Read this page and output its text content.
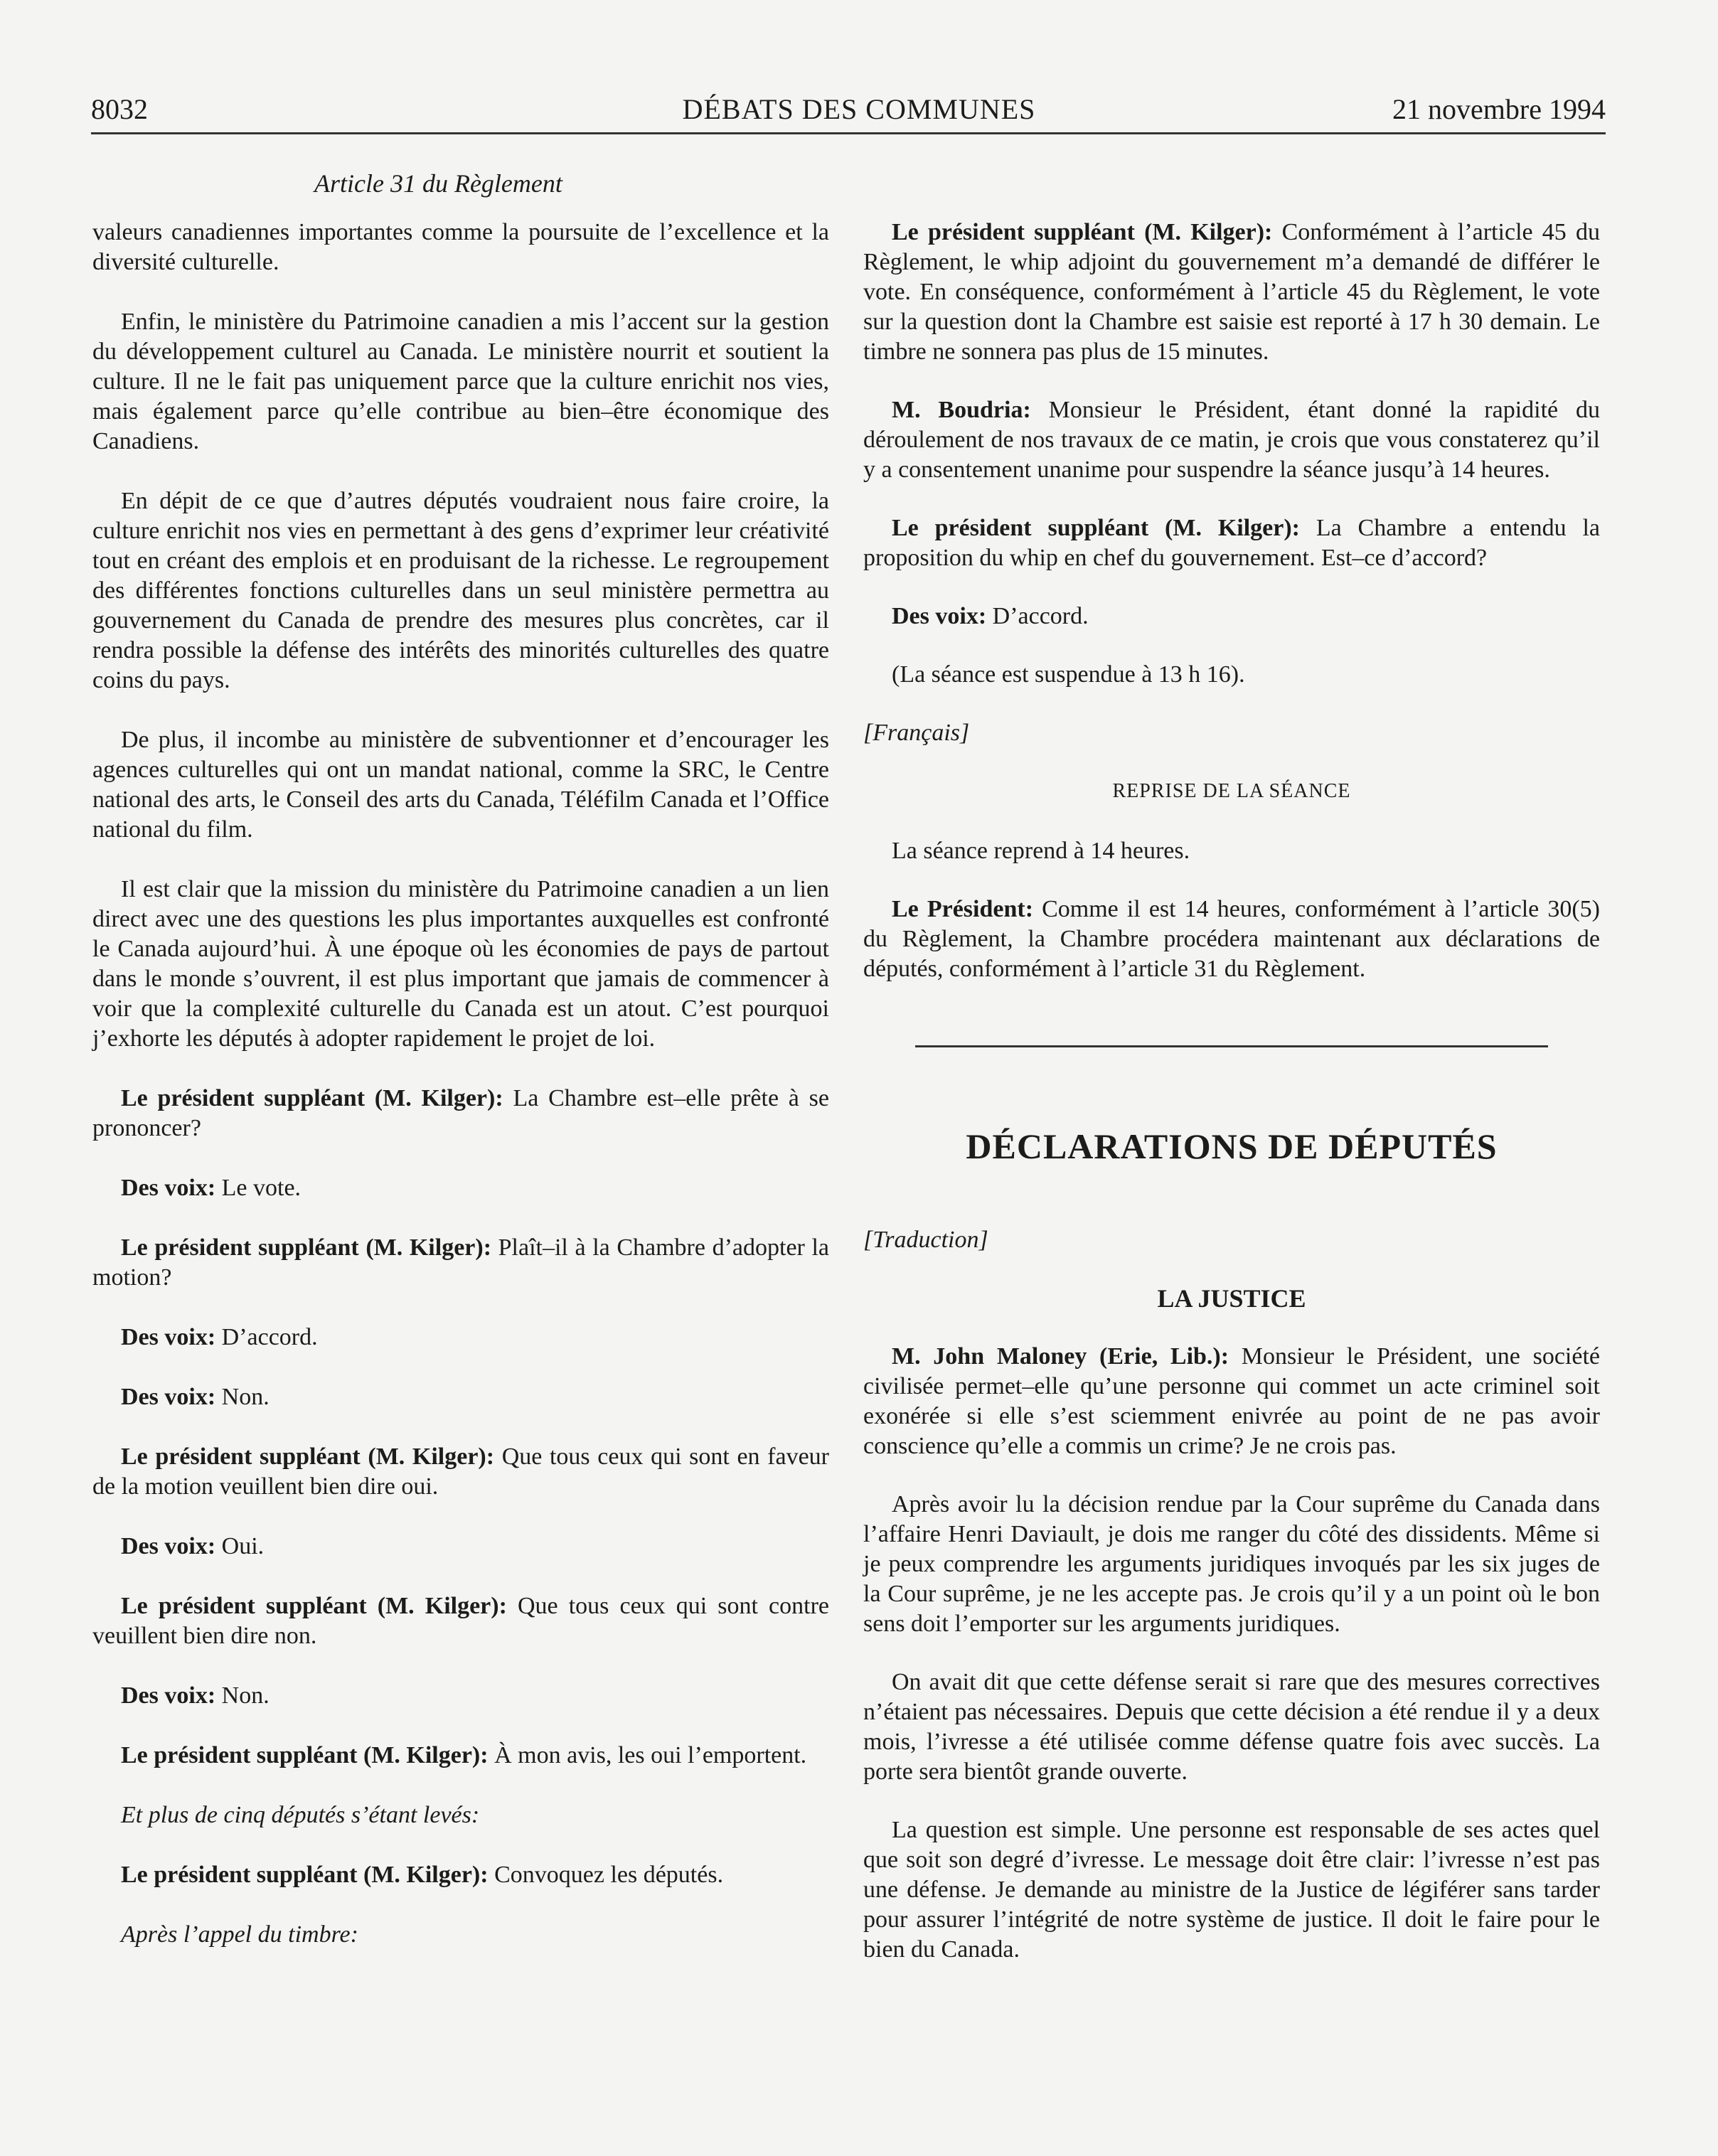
8032	DÉBATS DES COMMUNES	21 novembre 1994
Article 31 du Règlement

valeurs canadiennes importantes comme la poursuite de l’excellence et la diversité culturelle.

Enfin, le ministère du Patrimoine canadien a mis l’accent sur la gestion du développement culturel au Canada. Le ministère nourrit et soutient la culture. Il ne le fait pas uniquement parce que la culture enrichit nos vies, mais également parce qu’elle contribue au bien–être économique des Canadiens.

En dépit de ce que d’autres députés voudraient nous faire croire, la culture enrichit nos vies en permettant à des gens d’exprimer leur créativité tout en créant des emplois et en produisant de la richesse. Le regroupement des différentes fonctions culturelles dans un seul ministère permettra au gouvernement du Canada de prendre des mesures plus concrètes, car il rendra possible la défense des intérêts des minorités culturelles des quatre coins du pays.

De plus, il incombe au ministère de subventionner et d’encourager les agences culturelles qui ont un mandat national, comme la SRC, le Centre national des arts, le Conseil des arts du Canada, Téléfilm Canada et l’Office national du film.

Il est clair que la mission du ministère du Patrimoine canadien a un lien direct avec une des questions les plus importantes auxquelles est confronté le Canada aujourd’hui. À une époque où les économies de pays de partout dans le monde s’ouvrent, il est plus important que jamais de commencer à voir que la complexité culturelle du Canada est un atout. C’est pourquoi j’exhorte les députés à adopter rapidement le projet de loi.

Le président suppléant (M. Kilger): La Chambre est–elle prête à se prononcer?

Des voix: Le vote.

Le président suppléant (M. Kilger): Plaît–il à la Chambre d’adopter la motion?

Des voix: D’accord.

Des voix: Non.

Le président suppléant (M. Kilger): Que tous ceux qui sont en faveur de la motion veuillent bien dire oui.

Des voix: Oui.

Le président suppléant (M. Kilger): Que tous ceux qui sont contre veuillent bien dire non.

Des voix: Non.

Le président suppléant (M. Kilger): À mon avis, les oui l’emportent.

Et plus de cinq députés s’étant levés:

Le président suppléant (M. Kilger): Convoquez les députés.

Après l’appel du timbre:

Le président suppléant (M. Kilger): Conformément à l’article 45 du Règlement, le whip adjoint du gouvernement m’a demandé de différer le vote. En conséquence, conformément à l’article 45 du Règlement, le vote sur la question dont la Chambre est saisie est reporté à 17 h 30 demain. Le timbre ne sonnera pas plus de 15 minutes.

M. Boudria: Monsieur le Président, étant donné la rapidité du déroulement de nos travaux de ce matin, je crois que vous constaterez qu’il y a consentement unanime pour suspendre la séance jusqu’à 14 heures.

Le président suppléant (M. Kilger): La Chambre a entendu la proposition du whip en chef du gouvernement. Est–ce d’accord?

Des voix: D’accord.

(La séance est suspendue à 13 h 16).

[Français]

REPRISE DE LA SÉANCE

La séance reprend à 14 heures.

Le Président: Comme il est 14 heures, conformément à l’article 30(5) du Règlement, la Chambre procédera maintenant aux déclarations de députés, conformément à l’article 31 du Règlement.

DÉCLARATIONS DE DÉPUTÉS

[Traduction]

LA JUSTICE

M. John Maloney (Erie, Lib.): Monsieur le Président, une société civilisée permet–elle qu’une personne qui commet un acte criminel soit exonérée si elle s’est sciemment enivrée au point de ne pas avoir conscience qu’elle a commis un crime? Je ne crois pas.

Après avoir lu la décision rendue par la Cour suprême du Canada dans l’affaire Henri Daviault, je dois me ranger du côté des dissidents. Même si je peux comprendre les arguments juridiques invoqués par les six juges de la Cour suprême, je ne les accepte pas. Je crois qu’il y a un point où le bon sens doit l’emporter sur les arguments juridiques.

On avait dit que cette défense serait si rare que des mesures correctives n’étaient pas nécessaires. Depuis que cette décision a été rendue il y a deux mois, l’ivresse a été utilisée comme défense quatre fois avec succès. La porte sera bientôt grande ouverte.

La question est simple. Une personne est responsable de ses actes quel que soit son degré d’ivresse. Le message doit être clair: l’ivresse n’est pas une défense. Je demande au ministre de la Justice de légiférer sans tarder pour assurer l’intégrité de notre système de justice. Il doit le faire pour le bien du Canada.
